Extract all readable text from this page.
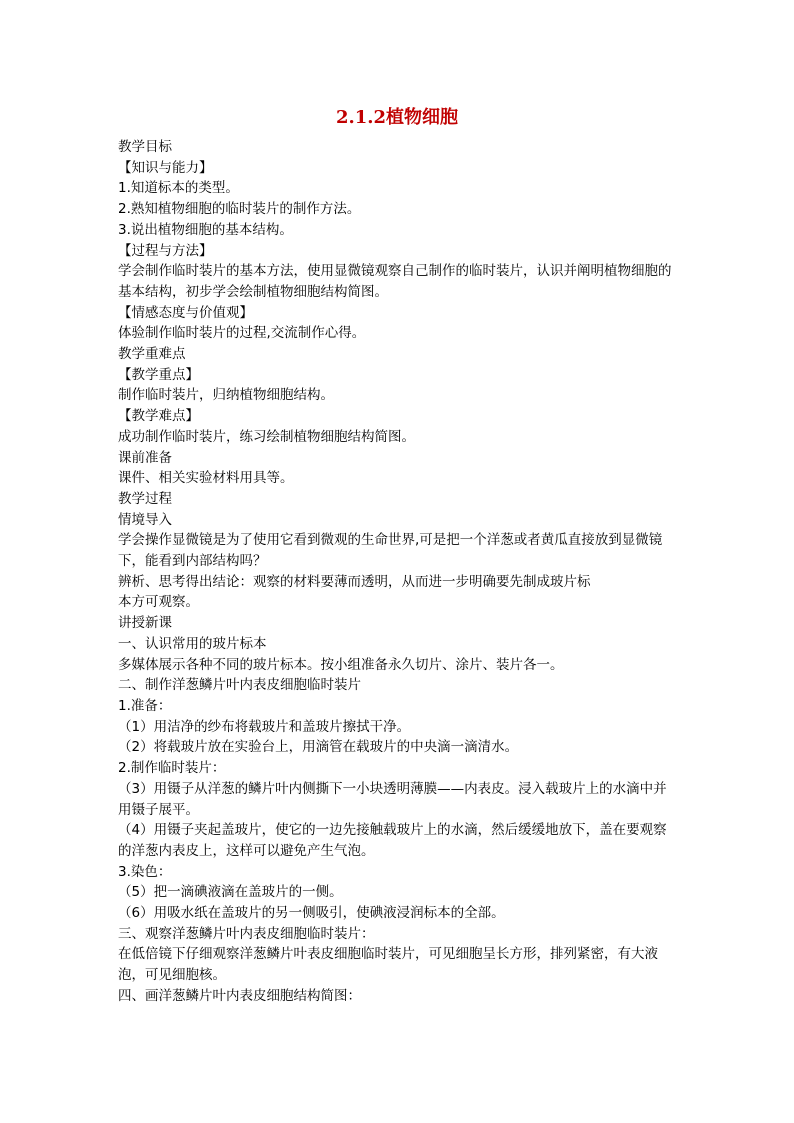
2.1.2植物细胞

教学目标

【知识与能力】

1.知道标本的类型。

2.熟知植物细胞的临时装片的制作方法。

3.说出植物细胞的基本结构。

【过程与方法】

学会制作临时装片的基本方法，使用显微镜观察自己制作的临时装片，认识并阐明植物细胞的基本结构，初步学会绘制植物细胞结构简图。

【情感态度与价值观】

体验制作临时装片的过程,交流制作心得。

教学重难点

【教学重点】

制作临时装片，归纳植物细胞结构。

【教学难点】

成功制作临时装片，练习绘制植物细胞结构简图。

课前准备

课件、相关实验材料用具等。

教学过程

情境导入

学会操作显微镜是为了使用它看到微观的生命世界,可是把一个洋葱或者黄瓜直接放到显微镜下，能看到内部结构吗？

辨析、思考得出结论：观察的材料要薄而透明，从而进一步明确要先制成玻片标

本方可观察。

讲授新课

一、认识常用的玻片标本

多媒体展示各种不同的玻片标本。按小组准备永久切片、涂片、装片各一。

二、制作洋葱鳞片叶内表皮细胞临时装片

1.准备：

（1）用洁净的纱布将载玻片和盖玻片擦拭干净。

（2）将载玻片放在实验台上，用滴管在载玻片的中央滴一滴清水。

2.制作临时装片：

（3）用镊子从洋葱的鳞片叶内侧撕下一小块透明薄膜——内表皮。浸入载玻片上的水滴中并用镊子展平。

（4）用镊子夹起盖玻片，使它的一边先接触载玻片上的水滴，然后缓缓地放下，盖在要观察的洋葱内表皮上，这样可以避免产生气泡。

3.染色：

（5）把一滴碘液滴在盖玻片的一侧。

（6）用吸水纸在盖玻片的另一侧吸引，使碘液浸润标本的全部。

三、观察洋葱鳞片叶内表皮细胞临时装片：

在低倍镜下仔细观察洋葱鳞片叶表皮细胞临时装片，可见细胞呈长方形，排列紧密，有大液泡，可见细胞核。

四、画洋葱鳞片叶内表皮细胞结构简图：
